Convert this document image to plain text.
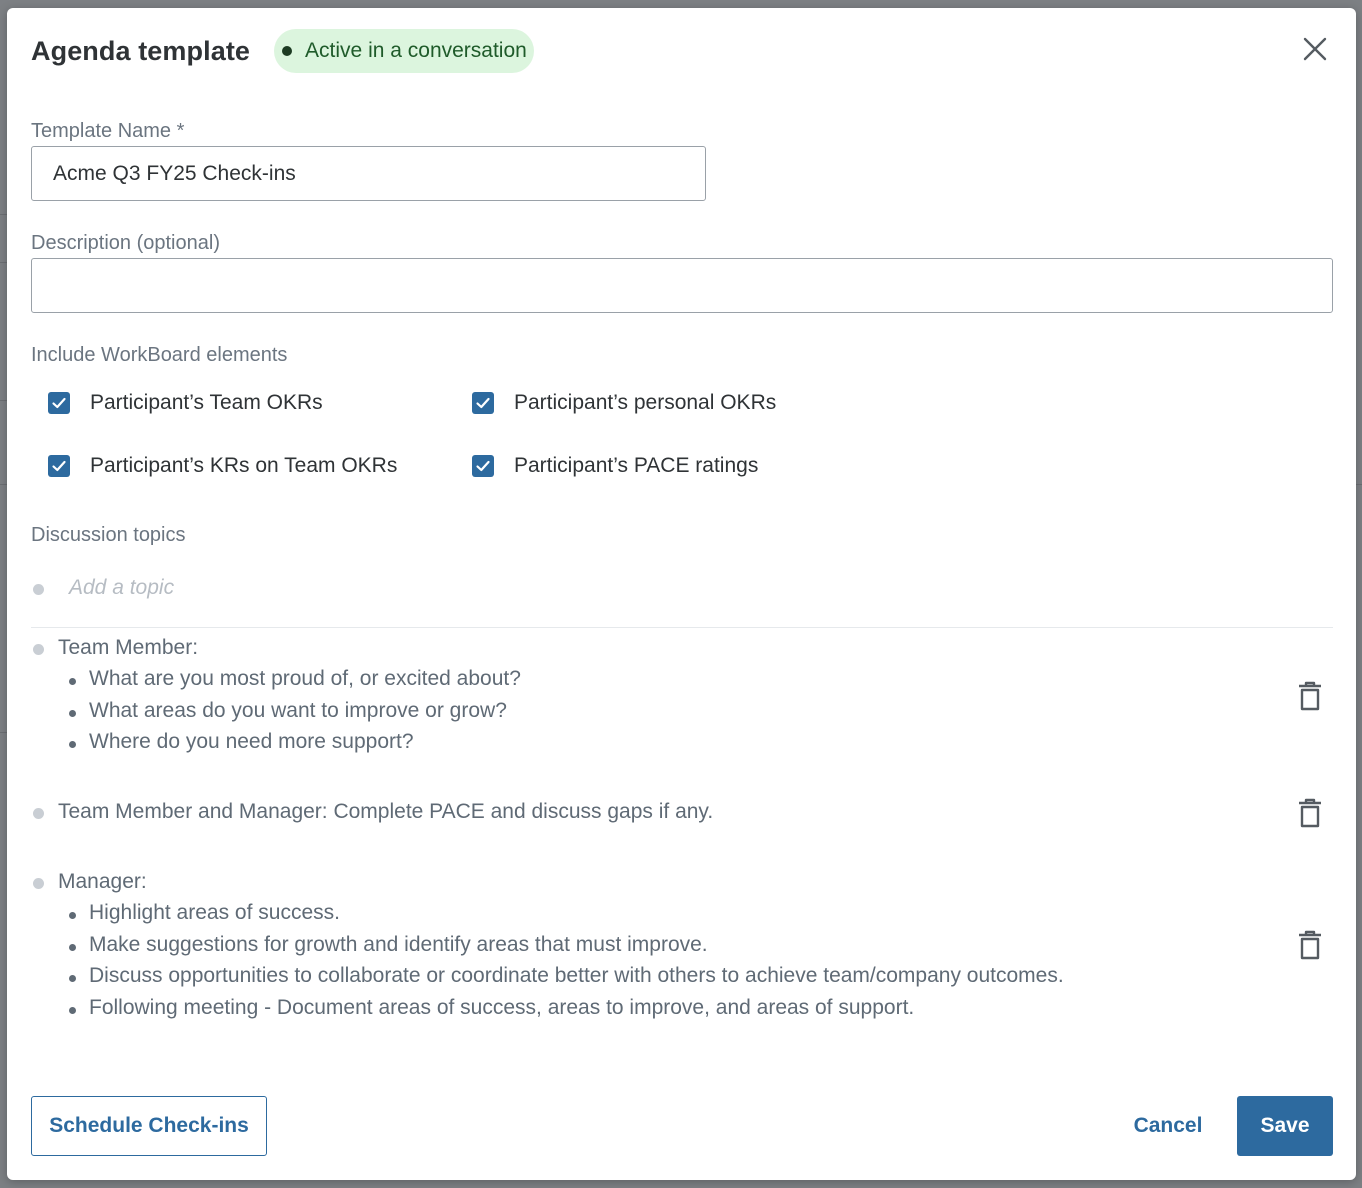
Agenda template	Active in a conversation
Template Name *
Acme Q3 FY25 Check-ins
Description (optional)
Include WorkBoard elements
Participant’s Team OKRs	Participant’s personal OKRs
Participant’s KRs on Team OKRs	Participant’s PACE ratings
Discussion topics
Add a topic
Team Member:
What are you most proud of, or excited about?
What areas do you want to improve or grow?
Where do you need more support?
Team Member and Manager: Complete PACE and discuss gaps if any.
Manager:
Highlight areas of success.
Make suggestions for growth and identify areas that must improve.
Discuss opportunities to collaborate or coordinate better with others to achieve team/company outcomes.
Following meeting - Document areas of success, areas to improve, and areas of support.
Schedule Check-ins	Cancel	Save
